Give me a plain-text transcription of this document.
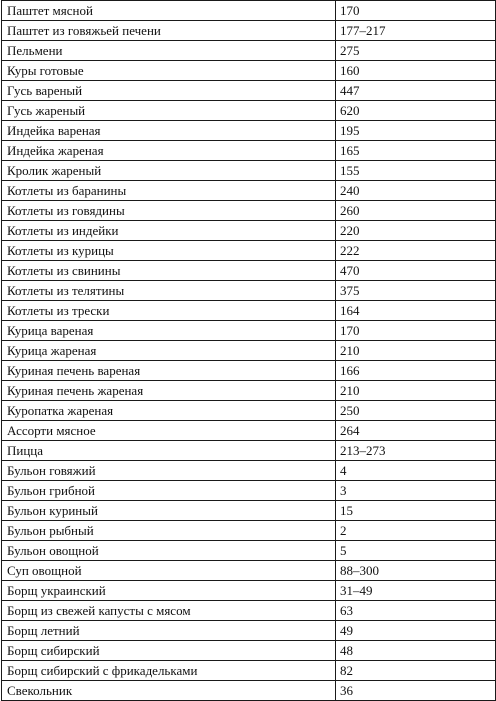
Паштет мясной	170
Паштет из говяжьей печени	177–217
Пельмени	275
Куры готовые	160
Гусь вареный	447
Гусь жареный	620
Индейка вареная	195
Индейка жареная	165
Кролик жареный	155
Котлеты из баранины	240
Котлеты из говядины	260
Котлеты из индейки	220
Котлеты из курицы	222
Котлеты из свинины	470
Котлеты из телятины	375
Котлеты из трески	164
Курица вареная	170
Курица жареная	210
Куриная печень вареная	166
Куриная печень жареная	210
Куропатка жареная	250
Ассорти мясное	264
Пицца	213–273
Бульон говяжий	4
Бульон грибной	3
Бульон куриный	15
Бульон рыбный	2
Бульон овощной	5
Суп овощной	88–300
Борщ украинский	31–49
Борщ из свежей капусты с мясом	63
Борщ летний	49
Борщ сибирский	48
Борщ сибирский с фрикадельками	82
Свекольник	36
